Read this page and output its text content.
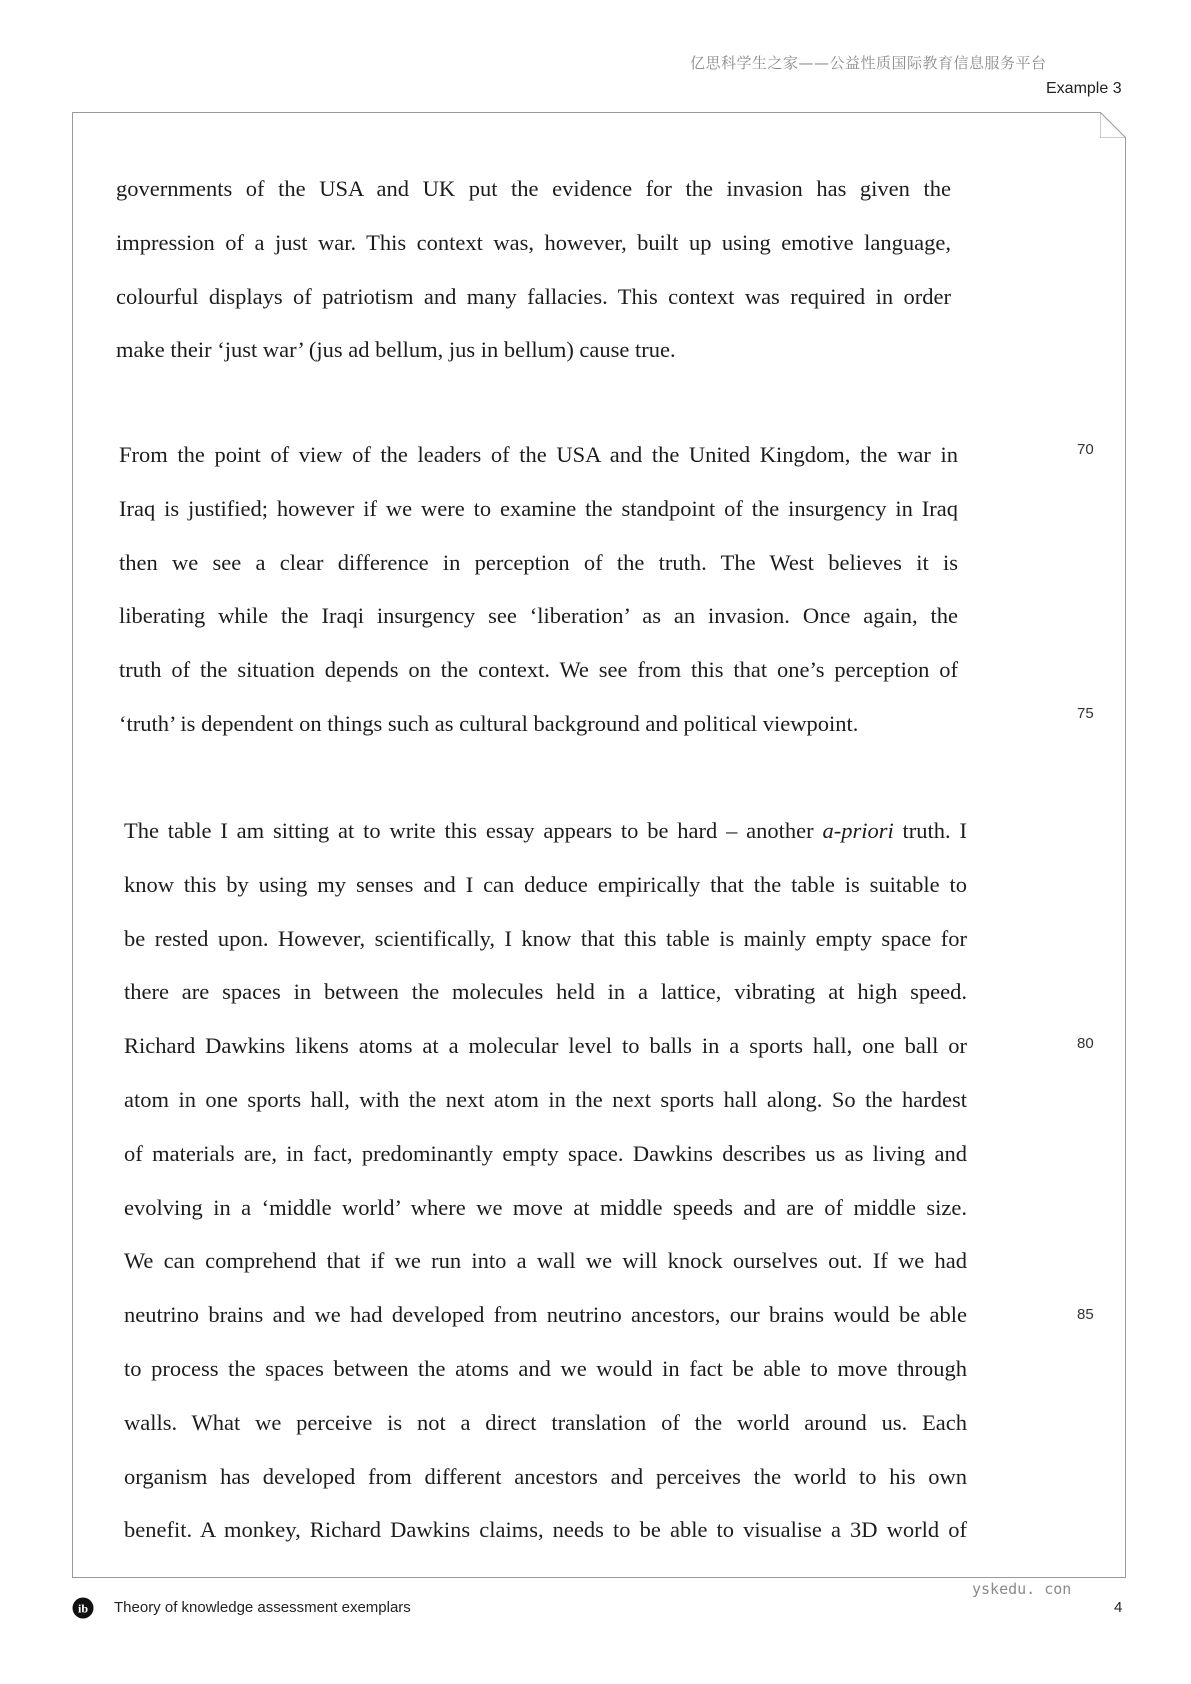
亿思科学生之家——公益性质国际教育信息服务平台
Example 3
governments of the USA and UK put the evidence for the invasion has given the
impression of a just war. This context was, however, built up using emotive language,
colourful displays of patriotism and many fallacies. This context was required in order
make their ‘just war’ (jus ad bellum, jus in bellum) cause true.
From the point of view of the leaders of the USA and the United Kingdom, the war in
Iraq is justified; however if we were to examine the standpoint of the insurgency in Iraq
then we see a clear difference in perception of the truth. The West believes it is
liberating while the Iraqi insurgency see ‘liberation’ as an invasion. Once again, the
truth of the situation depends on the context. We see from this that one’s perception of
‘truth’ is dependent on things such as cultural background and political viewpoint.
The table I am sitting at to write this essay appears to be hard – another a-priori truth. I
know this by using my senses and I can deduce empirically that the table is suitable to
be rested upon. However, scientifically, I know that this table is mainly empty space for
there are spaces in between the molecules held in a lattice, vibrating at high speed.
Richard Dawkins likens atoms at a molecular level to balls in a sports hall, one ball or
atom in one sports hall, with the next atom in the next sports hall along. So the hardest
of materials are, in fact, predominantly empty space. Dawkins describes us as living and
evolving in a ‘middle world’ where we move at middle speeds and are of middle size.
We can comprehend that if we run into a wall we will knock ourselves out. If we had
neutrino brains and we had developed from neutrino ancestors, our brains would be able
to process the spaces between the atoms and we would in fact be able to move through
walls. What we perceive is not a direct translation of the world around us. Each
organism has developed from different ancestors and perceives the world to his own
benefit. A monkey, Richard Dawkins claims, needs to be able to visualise a 3D world of
70
75
80
85
ib Theory of knowledge assessment exemplars
yskedu. con
4
